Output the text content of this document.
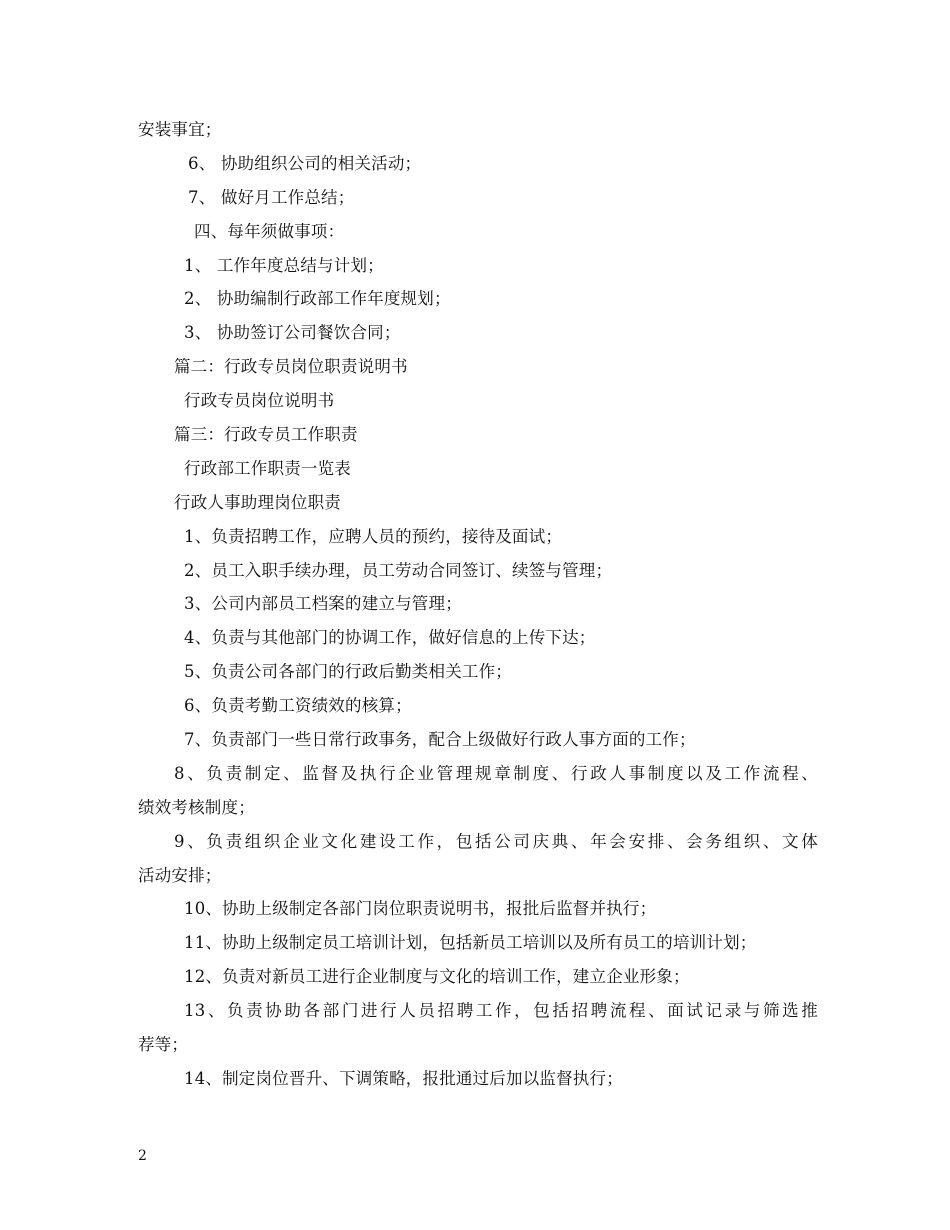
安装事宜；
6、 协助组织公司的相关活动；
7、 做好月工作总结；
四、每年须做事项：
1、 工作年度总结与计划；
2、 协助编制行政部工作年度规划；
3、 协助签订公司餐饮合同；
篇二：行政专员岗位职责说明书
行政专员岗位说明书
篇三：行政专员工作职责
行政部工作职责一览表
行政人事助理岗位职责
1、负责招聘工作，应聘人员的预约，接待及面试；
2、员工入职手续办理，员工劳动合同签订、续签与管理；
3、公司内部员工档案的建立与管理；
4、负责与其他部门的协调工作，做好信息的上传下达；
5、负责公司各部门的行政后勤类相关工作；
6、负责考勤工资绩效的核算；
7、负责部门一些日常行政事务，配合上级做好行政人事方面的工作；
8、负责制定、监督及执行企业管理规章制度、行政人事制度以及工作流程、
绩效考核制度；
9、负责组织企业文化建设工作，包括公司庆典、年会安排、会务组织、文体
活动安排；
10、协助上级制定各部门岗位职责说明书，报批后监督并执行；
11、协助上级制定员工培训计划，包括新员工培训以及所有员工的培训计划；
12、负责对新员工进行企业制度与文化的培训工作，建立企业形象；
13、负责协助各部门进行人员招聘工作，包括招聘流程、面试记录与筛选推
荐等；
14、制定岗位晋升、下调策略，报批通过后加以监督执行；
2
